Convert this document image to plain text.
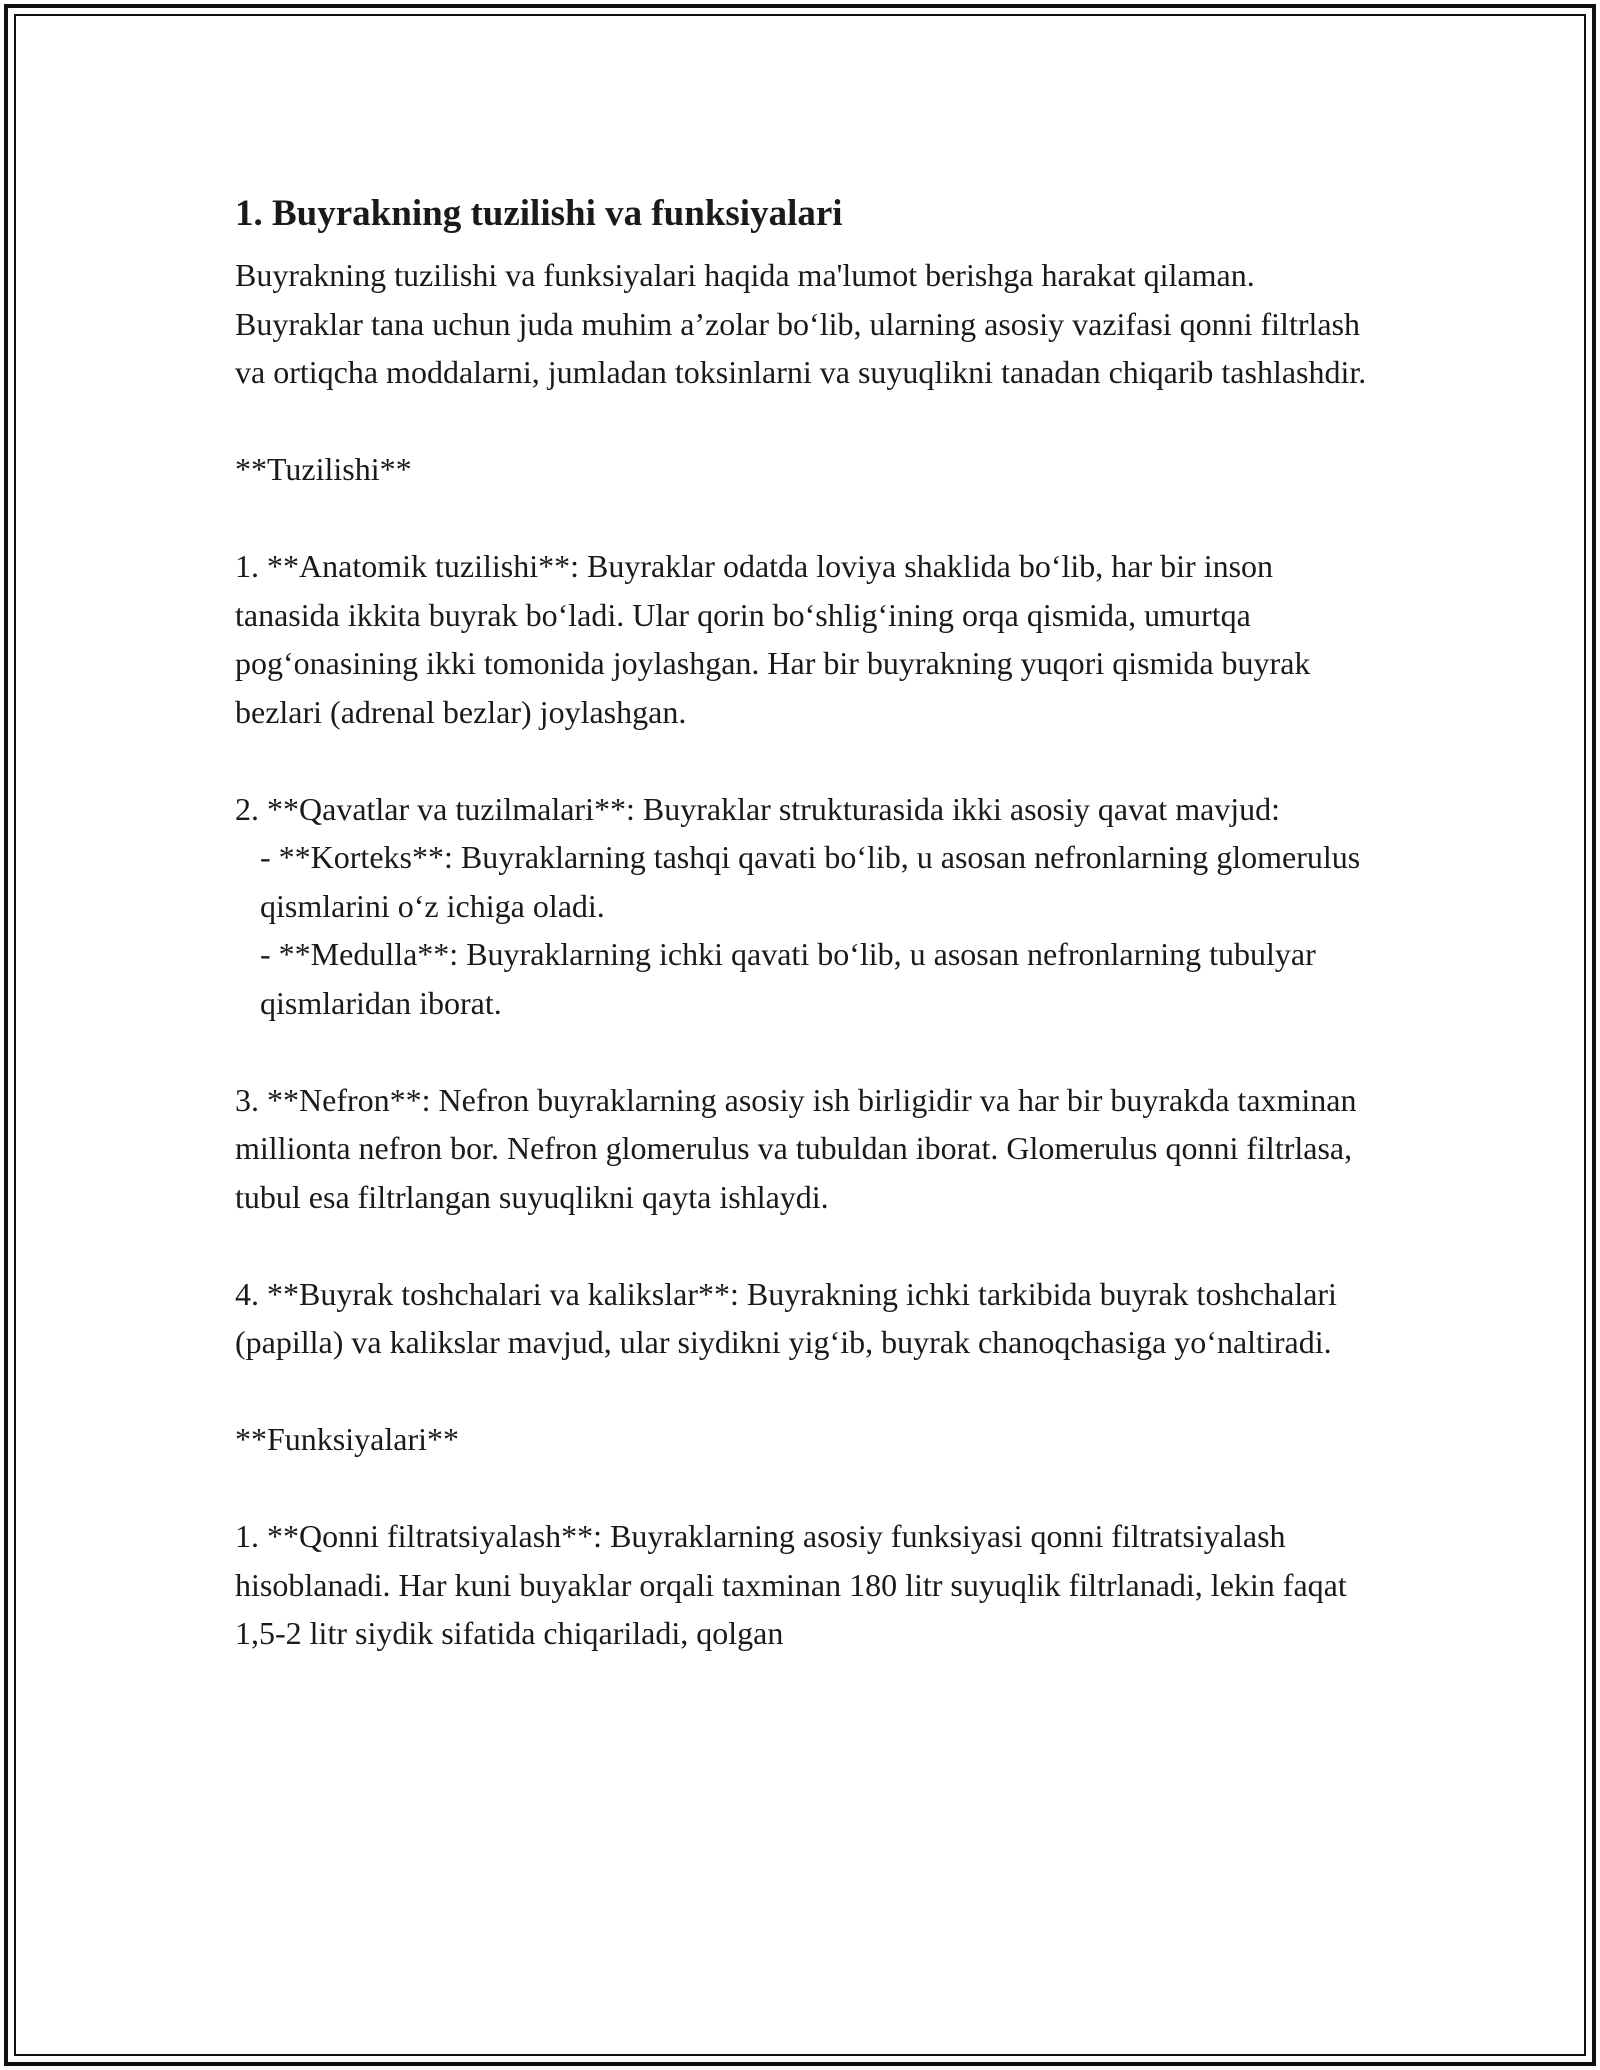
1. Buyrakning tuzilishi va funksiyalari

Buyrakning tuzilishi va funksiyalari haqida ma'lumot berishga harakat qilaman. Buyraklar tana uchun juda muhim a’zolar bo‘lib, ularning asosiy vazifasi qonni filtrlash va ortiqcha moddalarni, jumladan toksinlarni va suyuqlikni tanadan chiqarib tashlashdir.

**Tuzilishi**

1. **Anatomik tuzilishi**: Buyraklar odatda loviya shaklida bo‘lib, har bir inson tanasida ikkita buyrak bo‘ladi. Ular qorin bo‘shlig‘ining orqa qismida, umurtqa pog‘onasining ikki tomonida joylashgan. Har bir buyrakning yuqori qismida buyrak bezlari (adrenal bezlar) joylashgan.

2. **Qavatlar va tuzilmalari**: Buyraklar strukturasida ikki asosiy qavat mavjud:
- **Korteks**: Buyraklarning tashqi qavati bo‘lib, u asosan nefronlarning glomerulus qismlarini o‘z ichiga oladi.
- **Medulla**: Buyraklarning ichki qavati bo‘lib, u asosan nefronlarning tubulyar qismlaridan iborat.

3. **Nefron**: Nefron buyraklarning asosiy ish birligidir va har bir buyrakda taxminan millionta nefron bor. Nefron glomerulus va tubuldan iborat. Glomerulus qonni filtrlasa, tubul esa filtrlangan suyuqlikni qayta ishlaydi.

4. **Buyrak toshchalari va kalikslar**: Buyrakning ichki tarkibida buyrak toshchalari (papilla) va kalikslar mavjud, ular siydikni yig‘ib, buyrak chanoqchasiga yo‘naltiradi.

**Funksiyalari**

1. **Qonni filtratsiyalash**: Buyraklarning asosiy funksiyasi qonni filtratsiyalash hisoblanadi. Har kuni buyaklar orqali taxminan 180 litr suyuqlik filtrlanadi, lekin faqat 1,5-2 litr siydik sifatida chiqariladi, qolgan
